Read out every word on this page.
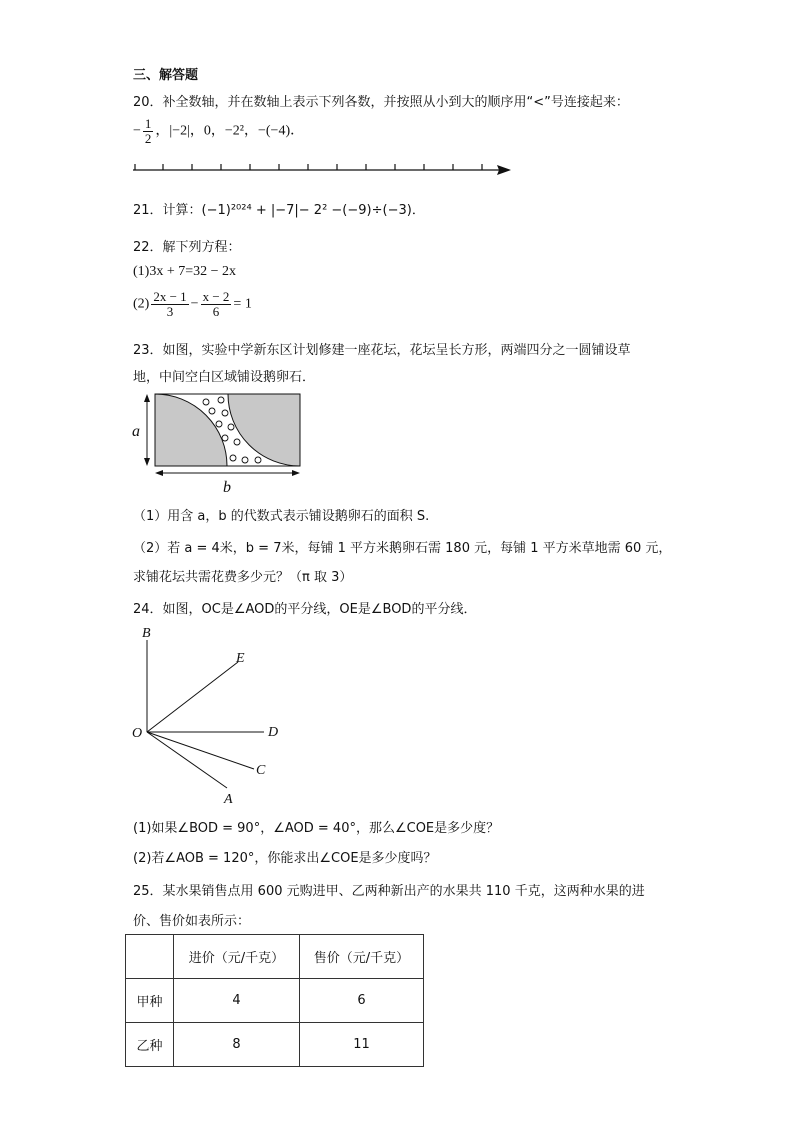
三、解答题
20．补全数轴，并在数轴上表示下列各数，并按照从小到大的顺序用“<”号连接起来：
− $\frac{1}{2}$ ，|−2|，0，−2²，−(−4)．
21．计算：(−1)²⁰²⁴ + |−7|− 2² −(−9)÷(−3)．
22．解下列方程：
(1)3x + 7=32 − 2x
$(2) \frac{2x - 1}{3} - \frac{x - 2}{6} = 1$
23．如图，实验中学新东区计划修建一座花坛，花坛呈长方形，两端四分之一圆铺设草
地，中间空白区域铺设鹅卵石．
a
b
（1）用含 a，b 的代数式表示铺设鹅卵石的面积 S.
（2）若 a = 4米，b = 7米，每铺 1 平方米鹅卵石需 180 元，每铺 1 平方米草地需 60 元，
求铺花坛共需花费多少元？（π 取 3）
24．如图，OC是∠AOD的平分线，OE是∠BOD的平分线．
B
E
O	D
C
A
(1)如果∠BOD = 90°，∠AOD = 40°，那么∠COE是多少度？
(2)若∠AOB = 120°，你能求出∠COE是多少度吗？
25．某水果销售点用 600 元购进甲、乙两种新出产的水果共 110 千克，这两种水果的进
价、售价如表所示：
	进价（元/千克）	售价（元/千克）
甲种	4	6
乙种	8	11
